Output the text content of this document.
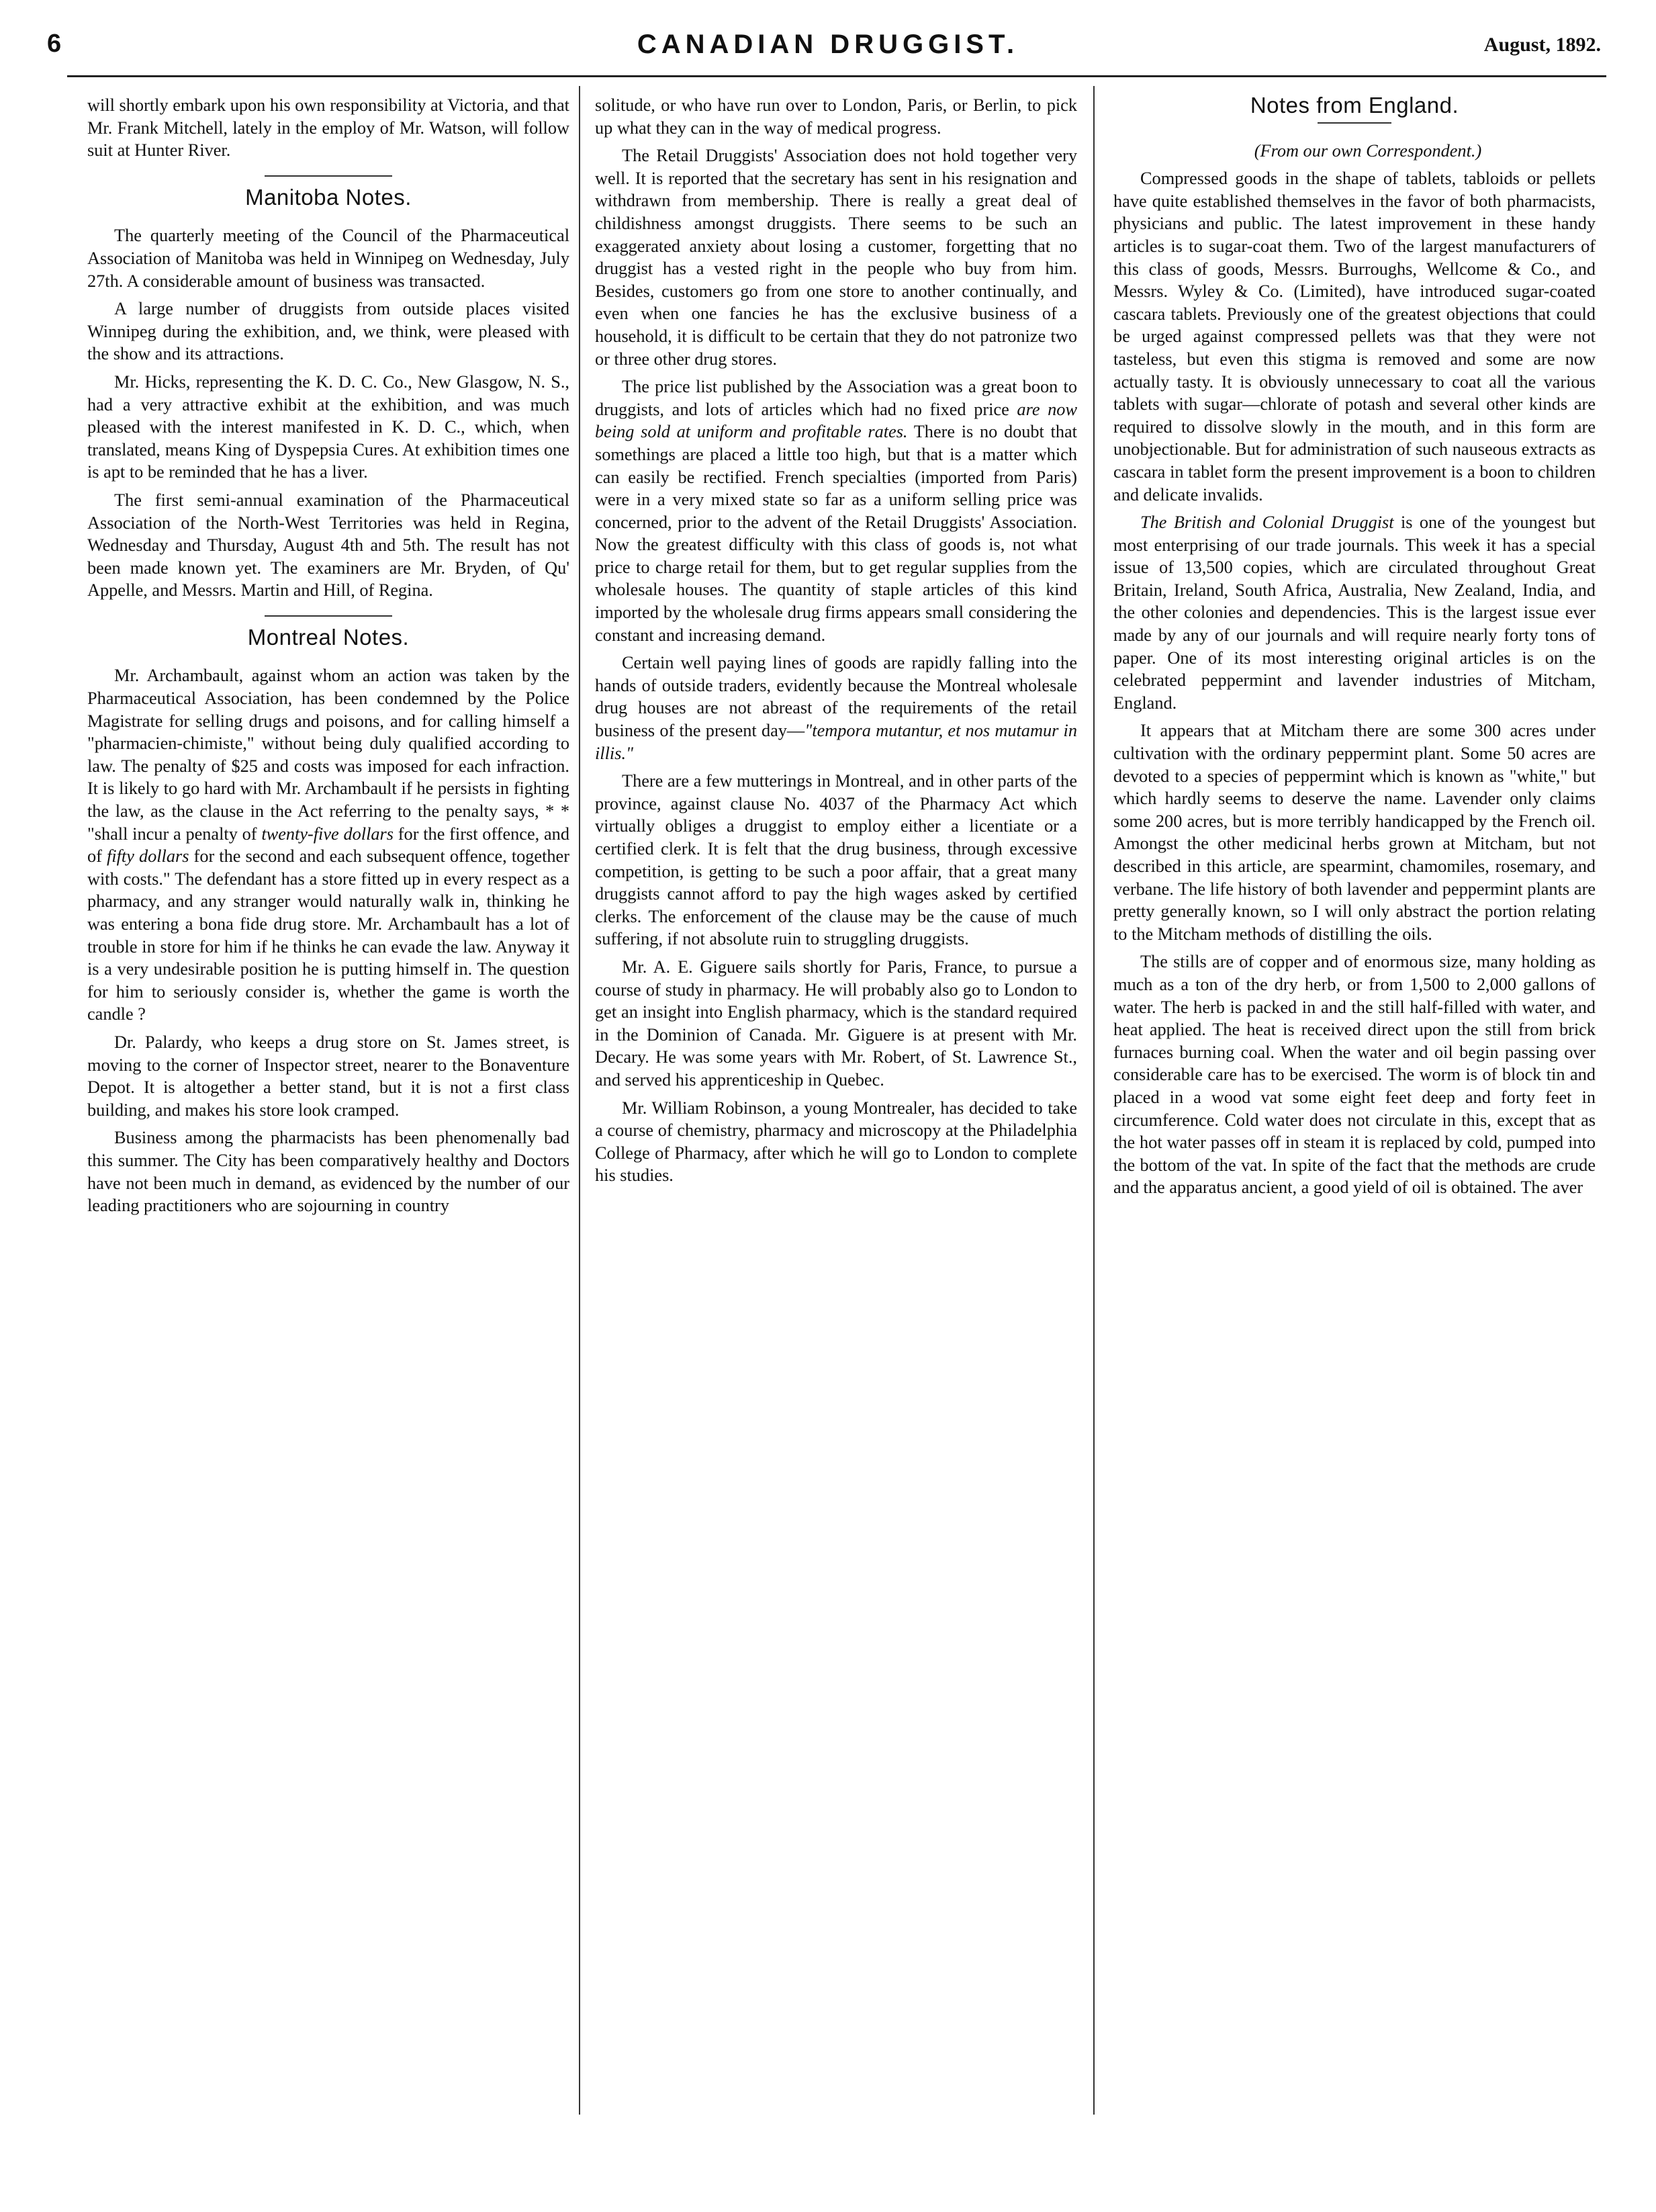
6	CANADIAN DRUGGIST.	August, 1892.

will shortly embark upon his own responsibility at Victoria, and that Mr. Frank Mitchell, lately in the employ of Mr. Watson, will follow suit at Hunter River.

Manitoba Notes.

The quarterly meeting of the Council of the Pharmaceutical Association of Manitoba was held in Winnipeg on Wednesday, July 27th. A considerable amount of business was transacted.

A large number of druggists from outside places visited Winnipeg during the exhibition, and, we think, were pleased with the show and its attractions.

Mr. Hicks, representing the K. D. C. Co., New Glasgow, N. S., had a very attractive exhibit at the exhibition, and was much pleased with the interest manifested in K. D. C., which, when translated, means King of Dyspepsia Cures. At exhibition times one is apt to be reminded that he has a liver.

The first semi-annual examination of the Pharmaceutical Association of the North-West Territories was held in Regina, Wednesday and Thursday, August 4th and 5th. The result has not been made known yet. The examiners are Mr. Bryden, of Qu' Appelle, and Messrs. Martin and Hill, of Regina.

Montreal Notes.

Mr. Archambault, against whom an action was taken by the Pharmaceutical Association, has been condemned by the Police Magistrate for selling drugs and poisons, and for calling himself a "pharmacien-chimiste," without being duly qualified according to law. The penalty of $25 and costs was imposed for each infraction. It is likely to go hard with Mr. Archambault if he persists in fighting the law, as the clause in the Act referring to the penalty says, * * "shall incur a penalty of twenty-five dollars for the first offence, and of fifty dollars for the second and each subsequent offence, together with costs." The defendant has a store fitted up in every respect as a pharmacy, and any stranger would naturally walk in, thinking he was entering a bona fide drug store. Mr. Archambault has a lot of trouble in store for him if he thinks he can evade the law. Anyway it is a very undesirable position he is putting himself in. The question for him to seriously consider is, whether the game is worth the candle ?

Dr. Palardy, who keeps a drug store on St. James street, is moving to the corner of Inspector street, nearer to the Bonaventure Depot. It is altogether a better stand, but it is not a first class building, and makes his store look cramped.

Business among the pharmacists has been phenomenally bad this summer. The City has been comparatively healthy and Doctors have not been much in demand, as evidenced by the number of our leading practitioners who are sojourning in country

solitude, or who have run over to London, Paris, or Berlin, to pick up what they can in the way of medical progress.

The Retail Druggists' Association does not hold together very well. It is reported that the secretary has sent in his resignation and withdrawn from membership. There is really a great deal of childishness amongst druggists. There seems to be such an exaggerated anxiety about losing a customer, forgetting that no druggist has a vested right in the people who buy from him. Besides, customers go from one store to another continually, and even when one fancies he has the exclusive business of a household, it is difficult to be certain that they do not patronize two or three other drug stores.

The price list published by the Association was a great boon to druggists, and lots of articles which had no fixed price are now being sold at uniform and profitable rates. There is no doubt that somethings are placed a little too high, but that is a matter which can easily be rectified. French specialties (imported from Paris) were in a very mixed state so far as a uniform selling price was concerned, prior to the advent of the Retail Druggists' Association. Now the greatest difficulty with this class of goods is, not what price to charge retail for them, but to get regular supplies from the wholesale houses. The quantity of staple articles of this kind imported by the wholesale drug firms appears small considering the constant and increasing demand.

Certain well paying lines of goods are rapidly falling into the hands of outside traders, evidently because the Montreal wholesale drug houses are not abreast of the requirements of the retail business of the present day—"tempora mutantur, et nos mutamur in illis."

There are a few mutterings in Montreal, and in other parts of the province, against clause No. 4037 of the Pharmacy Act which virtually obliges a druggist to employ either a licentiate or a certified clerk. It is felt that the drug business, through excessive competition, is getting to be such a poor affair, that a great many druggists cannot afford to pay the high wages asked by certified clerks. The enforcement of the clause may be the cause of much suffering, if not absolute ruin to struggling druggists.

Mr. A. E. Giguere sails shortly for Paris, France, to pursue a course of study in pharmacy. He will probably also go to London to get an insight into English pharmacy, which is the standard required in the Dominion of Canada. Mr. Giguere is at present with Mr. Decary. He was some years with Mr. Robert, of St. Lawrence St., and served his apprenticeship in Quebec.

Mr. William Robinson, a young Montrealer, has decided to take a course of chemistry, pharmacy and microscopy at the Philadelphia College of Pharmacy, after which he will go to London to complete his studies.

Notes from England.

(From our own Correspondent.)

Compressed goods in the shape of tablets, tabloids or pellets have quite established themselves in the favor of both pharmacists, physicians and public. The latest improvement in these handy articles is to sugar-coat them. Two of the largest manufacturers of this class of goods, Messrs. Burroughs, Wellcome & Co., and Messrs. Wyley & Co. (Limited), have introduced sugar-coated cascara tablets. Previously one of the greatest objections that could be urged against compressed pellets was that they were not tasteless, but even this stigma is removed and some are now actually tasty. It is obviously unnecessary to coat all the various tablets with sugar—chlorate of potash and several other kinds are required to dissolve slowly in the mouth, and in this form are unobjectionable. But for administration of such nauseous extracts as cascara in tablet form the present improvement is a boon to children and delicate invalids.

The British and Colonial Druggist is one of the youngest but most enterprising of our trade journals. This week it has a special issue of 13,500 copies, which are circulated throughout Great Britain, Ireland, South Africa, Australia, New Zealand, India, and the other colonies and dependencies. This is the largest issue ever made by any of our journals and will require nearly forty tons of paper. One of its most interesting original articles is on the celebrated peppermint and lavender industries of Mitcham, England.

It appears that at Mitcham there are some 300 acres under cultivation with the ordinary peppermint plant. Some 50 acres are devoted to a species of peppermint which is known as "white," but which hardly seems to deserve the name. Lavender only claims some 200 acres, but is more terribly handicapped by the French oil. Amongst the other medicinal herbs grown at Mitcham, but not described in this article, are spearmint, chamomiles, rosemary, and verbane. The life history of both lavender and peppermint plants are pretty generally known, so I will only abstract the portion relating to the Mitcham methods of distilling the oils.

The stills are of copper and of enormous size, many holding as much as a ton of the dry herb, or from 1,500 to 2,000 gallons of water. The herb is packed in and the still half-filled with water, and heat applied. The heat is received direct upon the still from brick furnaces burning coal. When the water and oil begin passing over considerable care has to be exercised. The worm is of block tin and placed in a wood vat some eight feet deep and forty feet in circumference. Cold water does not circulate in this, except that as the hot water passes off in steam it is replaced by cold, pumped into the bottom of the vat. In spite of the fact that the methods are crude and the apparatus ancient, a good yield of oil is obtained. The aver
